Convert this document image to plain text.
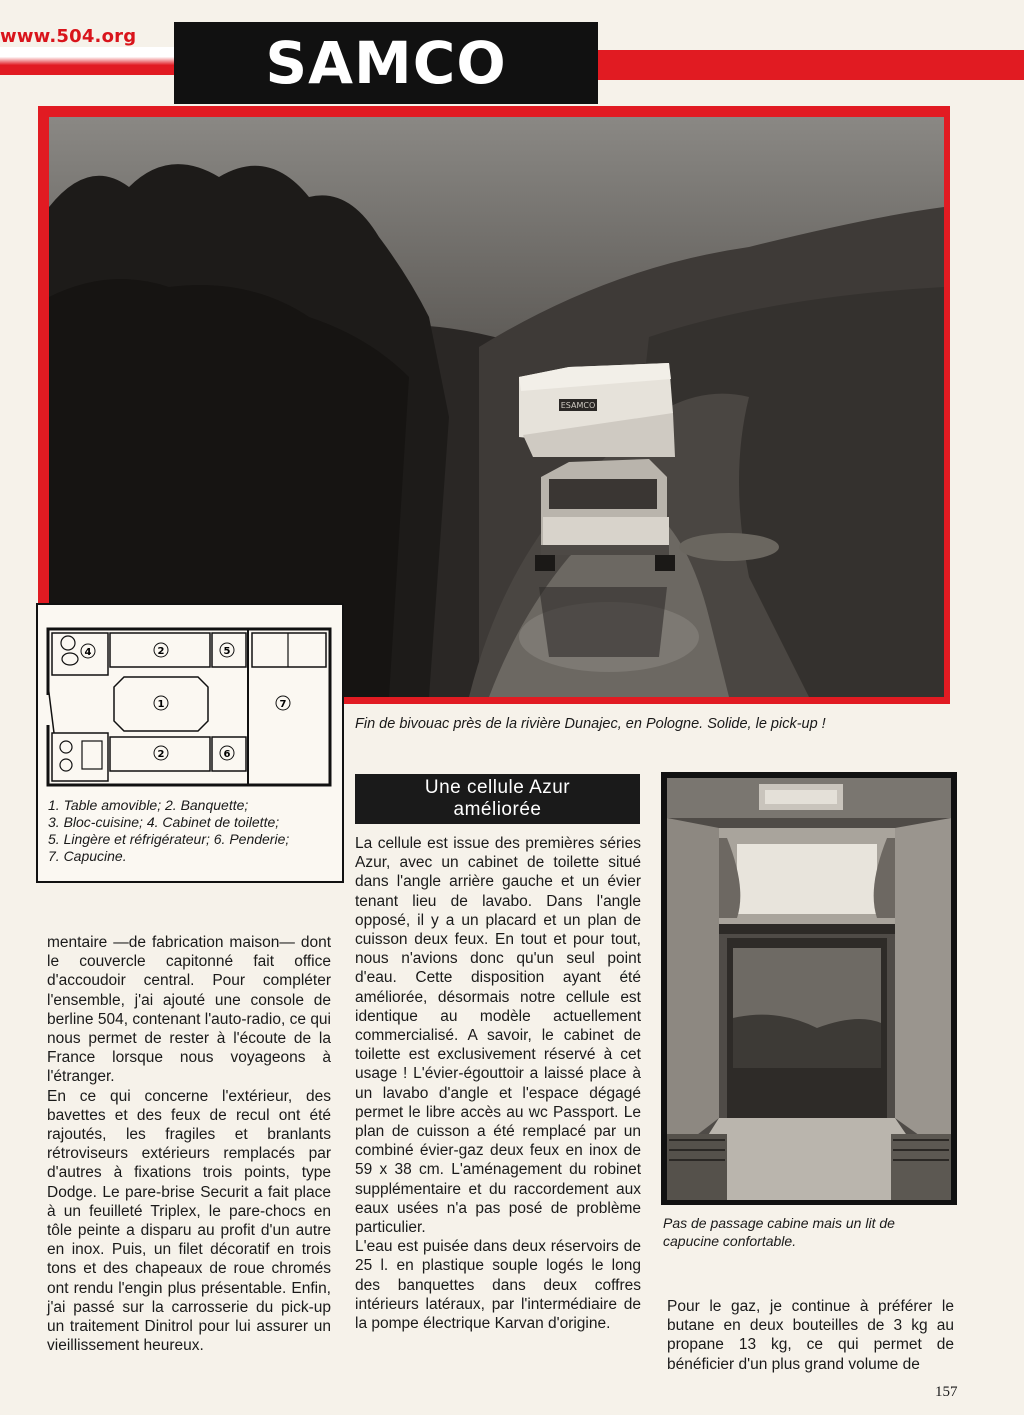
www.504.org	SAMCO
ESAMCO
Fin de bivouac près de la rivière Dunajec, en Pologne. Solide, le pick-up !
1
2
2
4	5
6
7
1. Table amovible; 2. Banquette;
3. Bloc-cuisine; 4. Cabinet de toilette;
5. Lingère et réfrigérateur; 6. Penderie;
7. Capucine.

mentaire —de fabrication maison— dont le couvercle capitonné fait office d'accoudoir central. Pour compléter l'ensemble, j'ai ajouté une console de berline 504, contenant l'auto-radio, ce qui nous permet de rester à l'écoute de la France lorsque nous voyageons à l'étranger.

En ce qui concerne l'extérieur, des bavettes et des feux de recul ont été rajoutés, les fragiles et branlants rétroviseurs extérieurs remplacés par d'autres à fixations trois points, type Dodge. Le pare-brise Securit a fait place à un feuilleté Triplex, le pare-chocs en tôle peinte a disparu au profit d'un autre en inox. Puis, un filet décoratif en trois tons et des chapeaux de roue chromés ont rendu l'engin plus présentable. Enfin, j'ai passé sur la carrosserie du pick-up un traitement Dinitrol pour lui assurer un vieillissement heureux.

Une cellule Azur
améliorée

La cellule est issue des premières séries Azur, avec un cabinet de toilette situé dans l'angle arrière gauche et un évier tenant lieu de lavabo. Dans l'angle opposé, il y a un placard et un plan de cuisson deux feux. En tout et pour tout, nous n'avions donc qu'un seul point d'eau. Cette disposition ayant été améliorée, désormais notre cellule est identique au modèle actuellement commercialisé. A savoir, le cabinet de toilette est exclusivement réservé à cet usage ! L'évier-égouttoir a laissé place à un lavabo d'angle et l'espace dégagé permet le libre accès au wc Passport. Le plan de cuisson a été remplacé par un combiné évier-gaz deux feux en inox de 59 x 38 cm. L'aménagement du robinet supplémentaire et du raccordement aux eaux usées n'a pas posé de problème particulier.

L'eau est puisée dans deux réservoirs de 25 l. en plastique souple logés le long des banquettes dans deux coffres intérieurs latéraux, par l'intermédiaire de la pompe électrique Karvan d'origine.

Pas de passage cabine mais un lit de capucine confortable.

Pour le gaz, je continue à préférer le butane en deux bouteilles de 3 kg au propane 13 kg, ce qui permet de bénéficier d'un plus grand volume de

157
